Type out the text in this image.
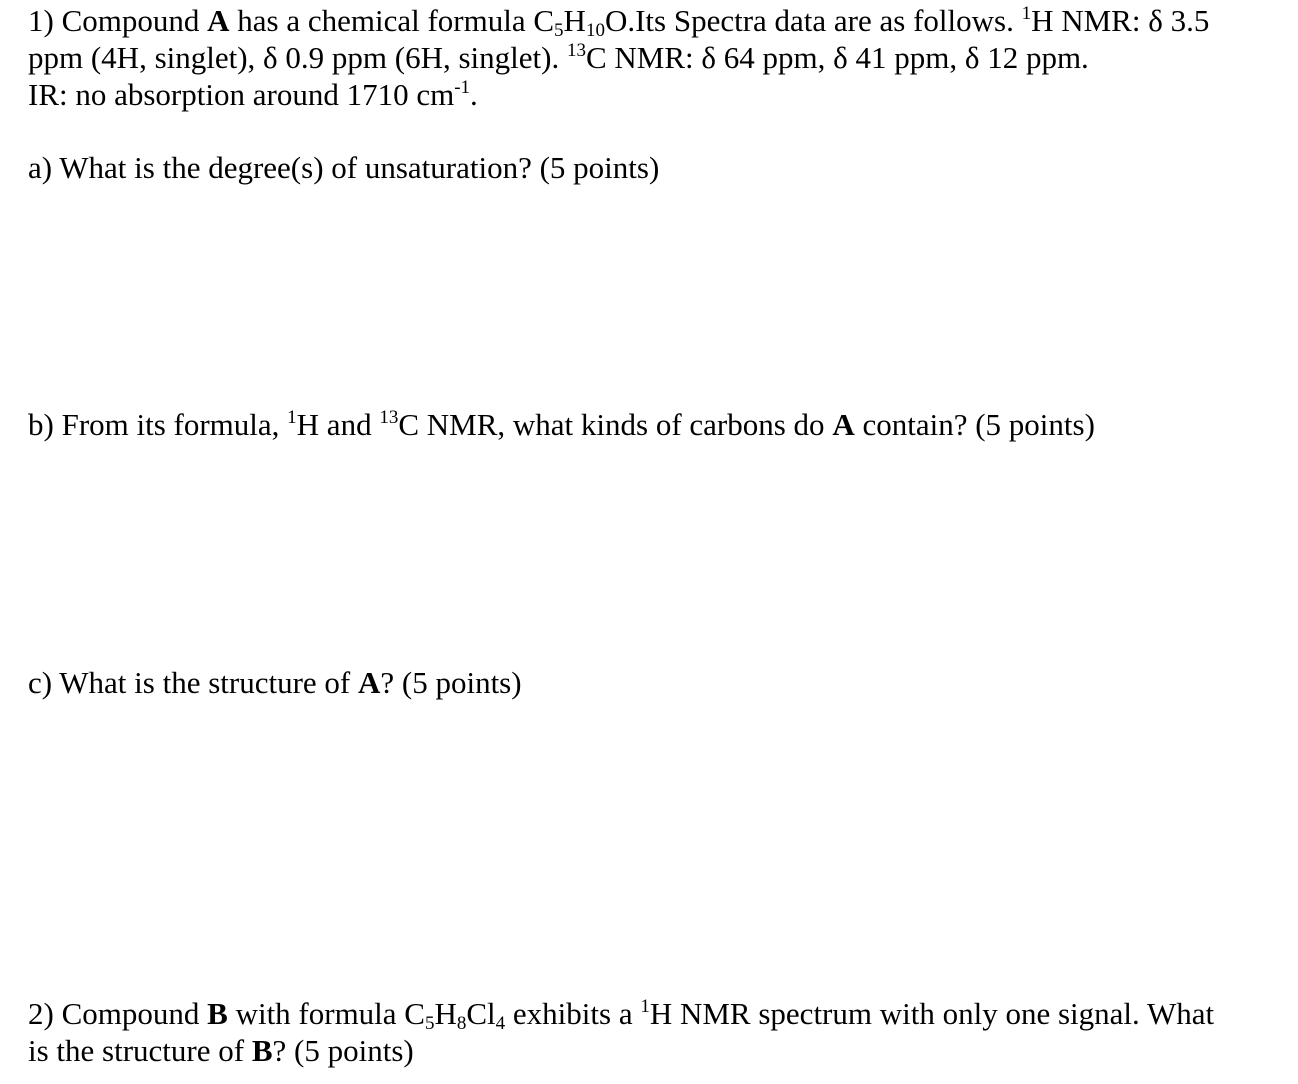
1) Compound A has a chemical formula $C_5H_{10}O.Its$ Spectra data are as follows. $^1$H NMR: δ 3.5
ppm (4H, singlet), δ 0.9 ppm (6H, singlet). $^{13}$C NMR: δ 64 ppm, δ 41 ppm, δ 12 ppm.
IR: no absorption around 1710 $cm^{-1}$.
a) What is the degree(s) of unsaturation? (5 points)
b) From its formula, $^1$H and $^{13}$C NMR, what kinds of carbons do A contain? (5 points)
c) What is the structure of A? (5 points)
2) Compound B with formula $C_5H_8Cl_4$ exhibits a $^1$H NMR spectrum with only one signal. What
is the structure of B? (5 points)
